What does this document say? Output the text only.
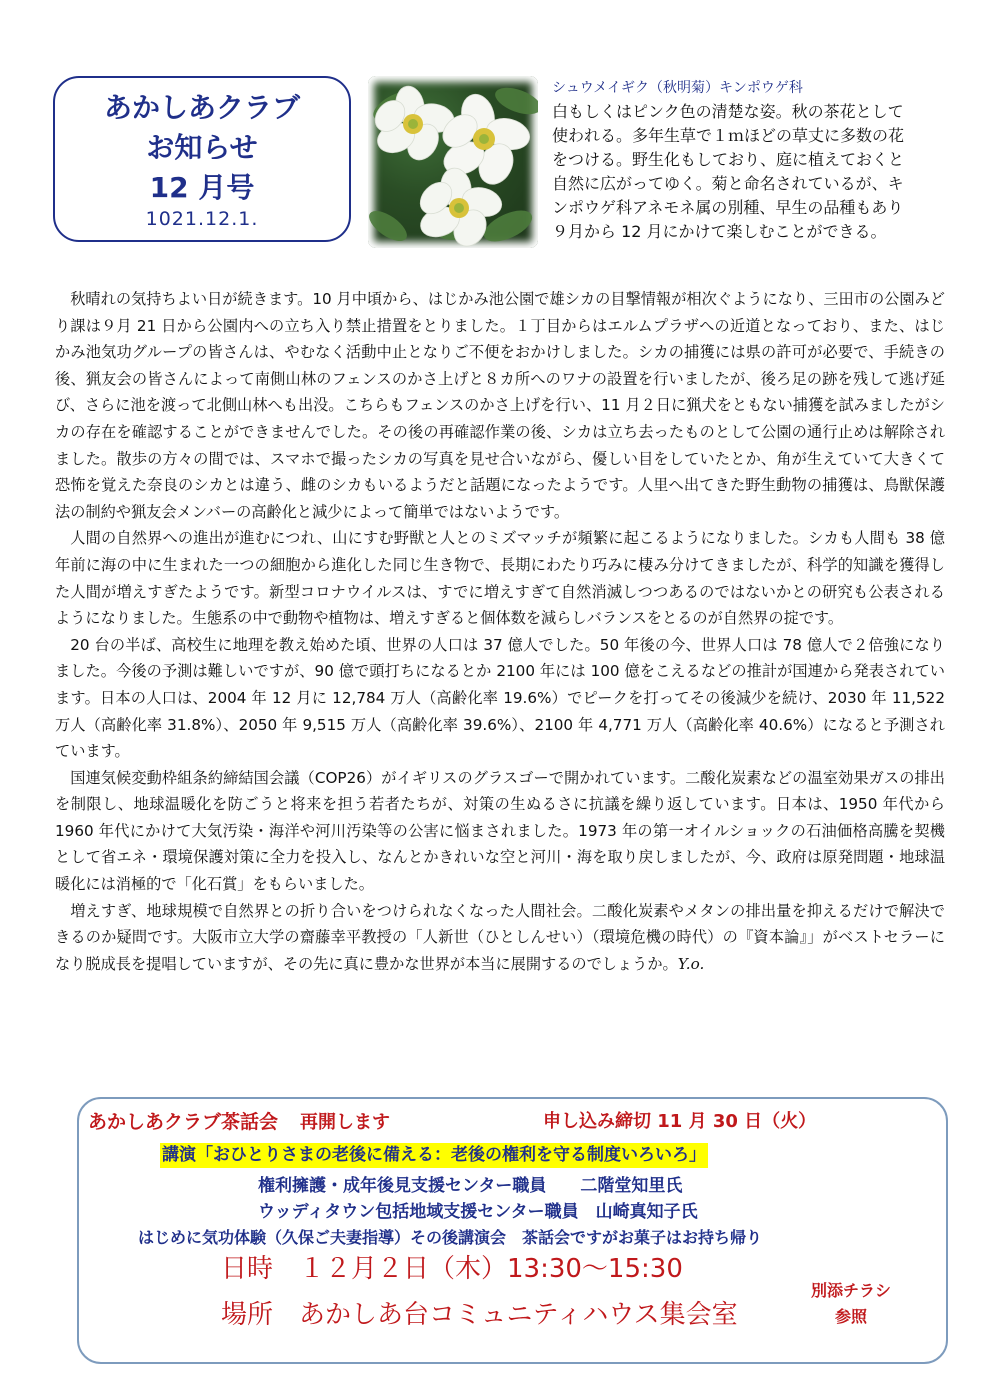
あかしあクラブ
お知らせ
12 月号
1021.12.1.
シュウメイギク（秋明菊）キンポウゲ科
白もしくはピンク色の清楚な姿。秋の茶花として
使われる。多年生草で１ｍほどの草丈に多数の花
をつける。野生化もしており、庭に植えておくと
自然に広がってゆく。菊と命名されているが、キ
ンポウゲ科アネモネ属の別種、早生の品種もあり
９月から 12 月にかけて楽しむことができる。

秋晴れの気持ちよい日が続きます。10 月中頃から、はじかみ池公園で雄シカの目撃情報が相次ぐようになり、三田市の公園みどり課は９月 21 日から公園内への立ち入り禁止措置をとりました。１丁目からはエルムプラザへの近道となっており、また、はじかみ池気功グループの皆さんは、やむなく活動中止となりご不便をおかけしました。シカの捕獲には県の許可が必要で、手続きの後、猟友会の皆さんによって南側山林のフェンスのかさ上げと８カ所へのワナの設置を行いましたが、後ろ足の跡を残して逃げ延び、さらに池を渡って北側山林へも出没。こちらもフェンスのかさ上げを行い、11 月２日に猟犬をともない捕獲を試みましたがシカの存在を確認することができませんでした。その後の再確認作業の後、シカは立ち去ったものとして公園の通行止めは解除されました。散歩の方々の間では、スマホで撮ったシカの写真を見せ合いながら、優しい目をしていたとか、角が生えていて大きくて恐怖を覚えた奈良のシカとは違う、雌のシカもいるようだと話題になったようです。人里へ出てきた野生動物の捕獲は、鳥獣保護法の制約や猟友会メンバーの高齢化と減少によって簡単ではないようです。

人間の自然界への進出が進むにつれ、山にすむ野獣と人とのミズマッチが頻繁に起こるようになりました。シカも人間も 38 億年前に海の中に生まれた一つの細胞から進化した同じ生き物で、長期にわたり巧みに棲み分けてきましたが、科学的知識を獲得した人間が増えすぎたようです。新型コロナウイルスは、すでに増えすぎて自然消滅しつつあるのではないかとの研究も公表されるようになりました。生態系の中で動物や植物は、増えすぎると個体数を減らしバランスをとるのが自然界の掟です。

20 台の半ば、高校生に地理を教え始めた頃、世界の人口は 37 億人でした。50 年後の今、世界人口は 78 億人で２倍強になりました。今後の予測は難しいですが、90 億で頭打ちになるとか 2100 年には 100 億をこえるなどの推計が国連から発表されています。日本の人口は、2004 年 12 月に 12,784 万人（高齢化率 19.6%）でピークを打ってその後減少を続け、2030 年 11,522 万人（高齢化率 31.8%）、2050 年 9,515 万人（高齢化率 39.6%）、2100 年 4,771 万人（高齢化率 40.6%）になると予測されています。

国連気候変動枠組条約締結国会議（COP26）がイギリスのグラスゴーで開かれています。二酸化炭素などの温室効果ガスの排出を制限し、地球温暖化を防ごうと将来を担う若者たちが、対策の生ぬるさに抗議を繰り返しています。日本は、1950 年代から 1960 年代にかけて大気汚染・海洋や河川汚染等の公害に悩まされました。1973 年の第一オイルショックの石油価格高騰を契機として省エネ・環境保護対策に全力を投入し、なんとかきれいな空と河川・海を取り戻しましたが、今、政府は原発問題・地球温暖化には消極的で「化石賞」をもらいました。

増えすぎ、地球規模で自然界との折り合いをつけられなくなった人間社会。二酸化炭素やメタンの排出量を抑えるだけで解決できるのか疑問です。大阪市立大学の齋藤幸平教授の「人新世（ひとしんせい）（環境危機の時代）の『資本論』」がベストセラーになり脱成長を提唱していますが、その先に真に豊かな世界が本当に展開するのでしょうか。Y.o.

あかしあクラブ茶話会 再開します	申し込み締切 11 月 30 日（火）
講演「おひとりさまの老後に備える：老後の権利を守る制度いろいろ」
権利擁護・成年後見支援センター職員　　二階堂知里氏
ウッディタウン包括地域支援センター職員　山崎真知子氏
はじめに気功体験（久保ご夫妻指導）その後講演会　茶話会ですがお菓子はお持ち帰り
日時　１２月２日（木）13:30～15:30
場所　あかしあ台コミュニティハウス集会室
別添チラシ
参照
